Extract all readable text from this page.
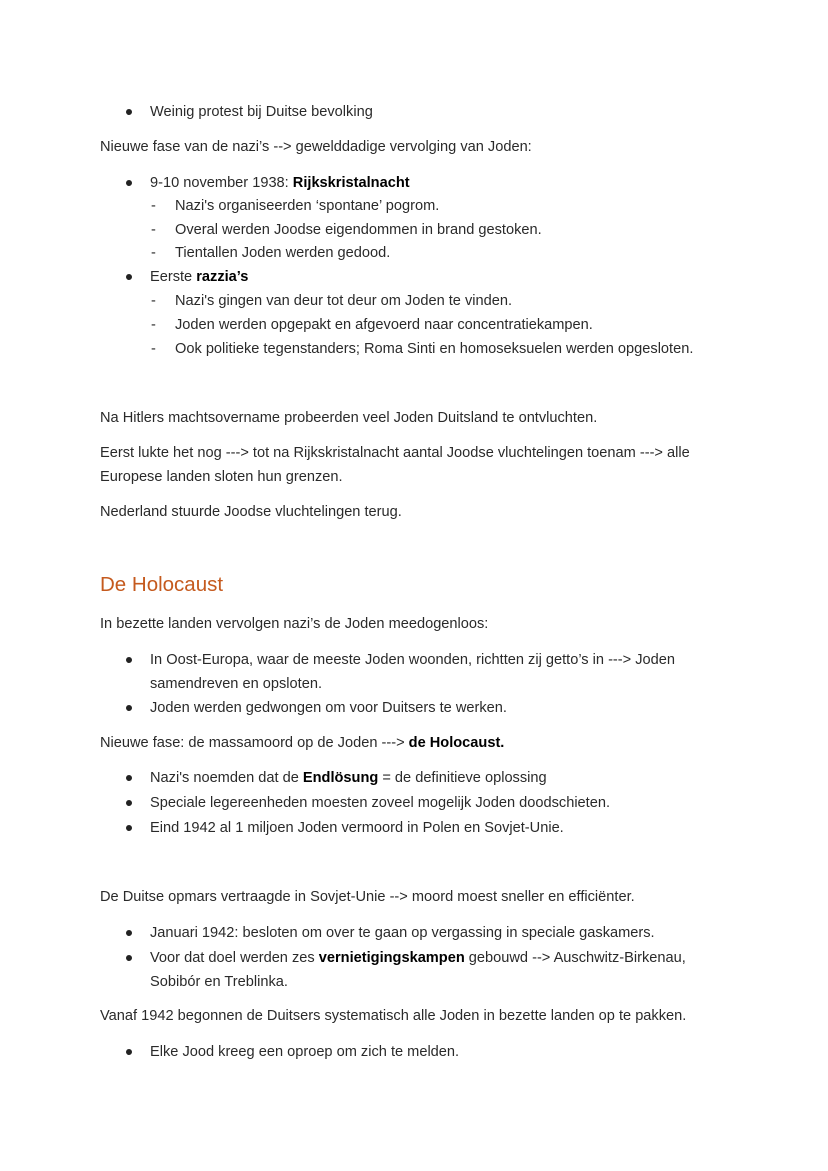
Weinig protest bij Duitse bevolking
Nieuwe fase van de nazi’s --> gewelddadige vervolging van Joden:
9-10 november 1938: Rijkskristalnacht
- Nazi's organiseerden ‘spontane’ pogrom.
- Overal werden Joodse eigendommen in brand gestoken.
- Tientallen Joden werden gedood.
Eerste razzia’s
- Nazi's gingen van deur tot deur om Joden te vinden.
- Joden werden opgepakt en afgevoerd naar concentratiekampen.
- Ook politieke tegenstanders; Roma Sinti en homoseksuelen werden opgesloten.
Na Hitlers machtsovername probeerden veel Joden Duitsland te ontvluchten.
Eerst lukte het nog ---> tot na Rijkskristalnacht aantal Joodse vluchtelingen toenam ---> alle
Europese landen sloten hun grenzen.
Nederland stuurde Joodse vluchtelingen terug.
De Holocaust
In bezette landen vervolgen nazi’s de Joden meedogenloos:
In Oost-Europa, waar de meeste Joden woonden, richtten zij getto’s in ---> Joden
samendreven en opsloten.
Joden werden gedwongen om voor Duitsers te werken.
Nieuwe fase: de massamoord op de Joden ---> de Holocaust.
Nazi's noemden dat de Endlösung = de definitieve oplossing
Speciale legereenheden moesten zoveel mogelijk Joden doodschieten.
Eind 1942 al 1 miljoen Joden vermoord in Polen en Sovjet-Unie.
De Duitse opmars vertraagde in Sovjet-Unie --> moord moest sneller en efficiënter.
Januari 1942: besloten om over te gaan op vergassing in speciale gaskamers.
Voor dat doel werden zes vernietigingskampen gebouwd --> Auschwitz-Birkenau,
Sobibór en Treblinka.
Vanaf 1942 begonnen de Duitsers systematisch alle Joden in bezette landen op te pakken.
Elke Jood kreeg een oproep om zich te melden.
